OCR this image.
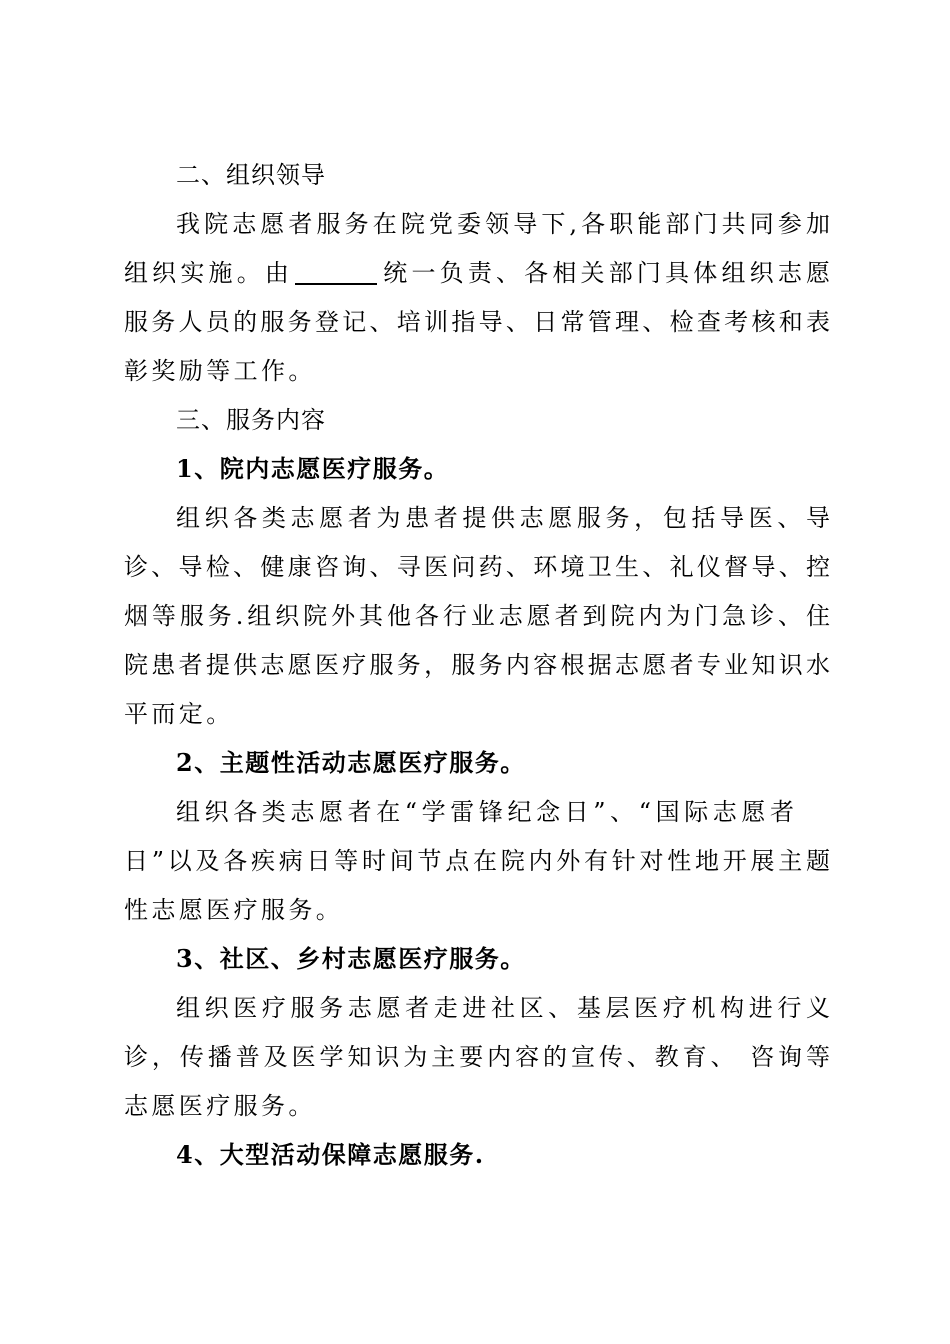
二、组织领导
我院志愿者服务在院党委领导下,各职能部门共同参加
组织实施。由	统一负责、各相关部门具体组织志愿
服务人员的服务登记、培训指导、日常管理、检查考核和表
彰奖励等工作。
三、服务内容
1、院内志愿医疗服务。
组织各类志愿者为患者提供志愿服务，包括导医、导
诊、导检、健康咨询、寻医问药、环境卫生、礼仪督导、控
烟等服务.组织院外其他各行业志愿者到院内为门急诊、住
院患者提供志愿医疗服务，服务内容根据志愿者专业知识水
平而定。
2、主题性活动志愿医疗服务。
组织各类志愿者在“学雷锋纪念日”、“国际志愿者
日”以及各疾病日等时间节点在院内外有针对性地开展主题
性志愿医疗服务。
3、社区、乡村志愿医疗服务。
组织医疗服务志愿者走进社区、基层医疗机构进行义
诊，传播普及医学知识为主要内容的宣传、教育、 咨询等
志愿医疗服务。
4、大型活动保障志愿服务.
